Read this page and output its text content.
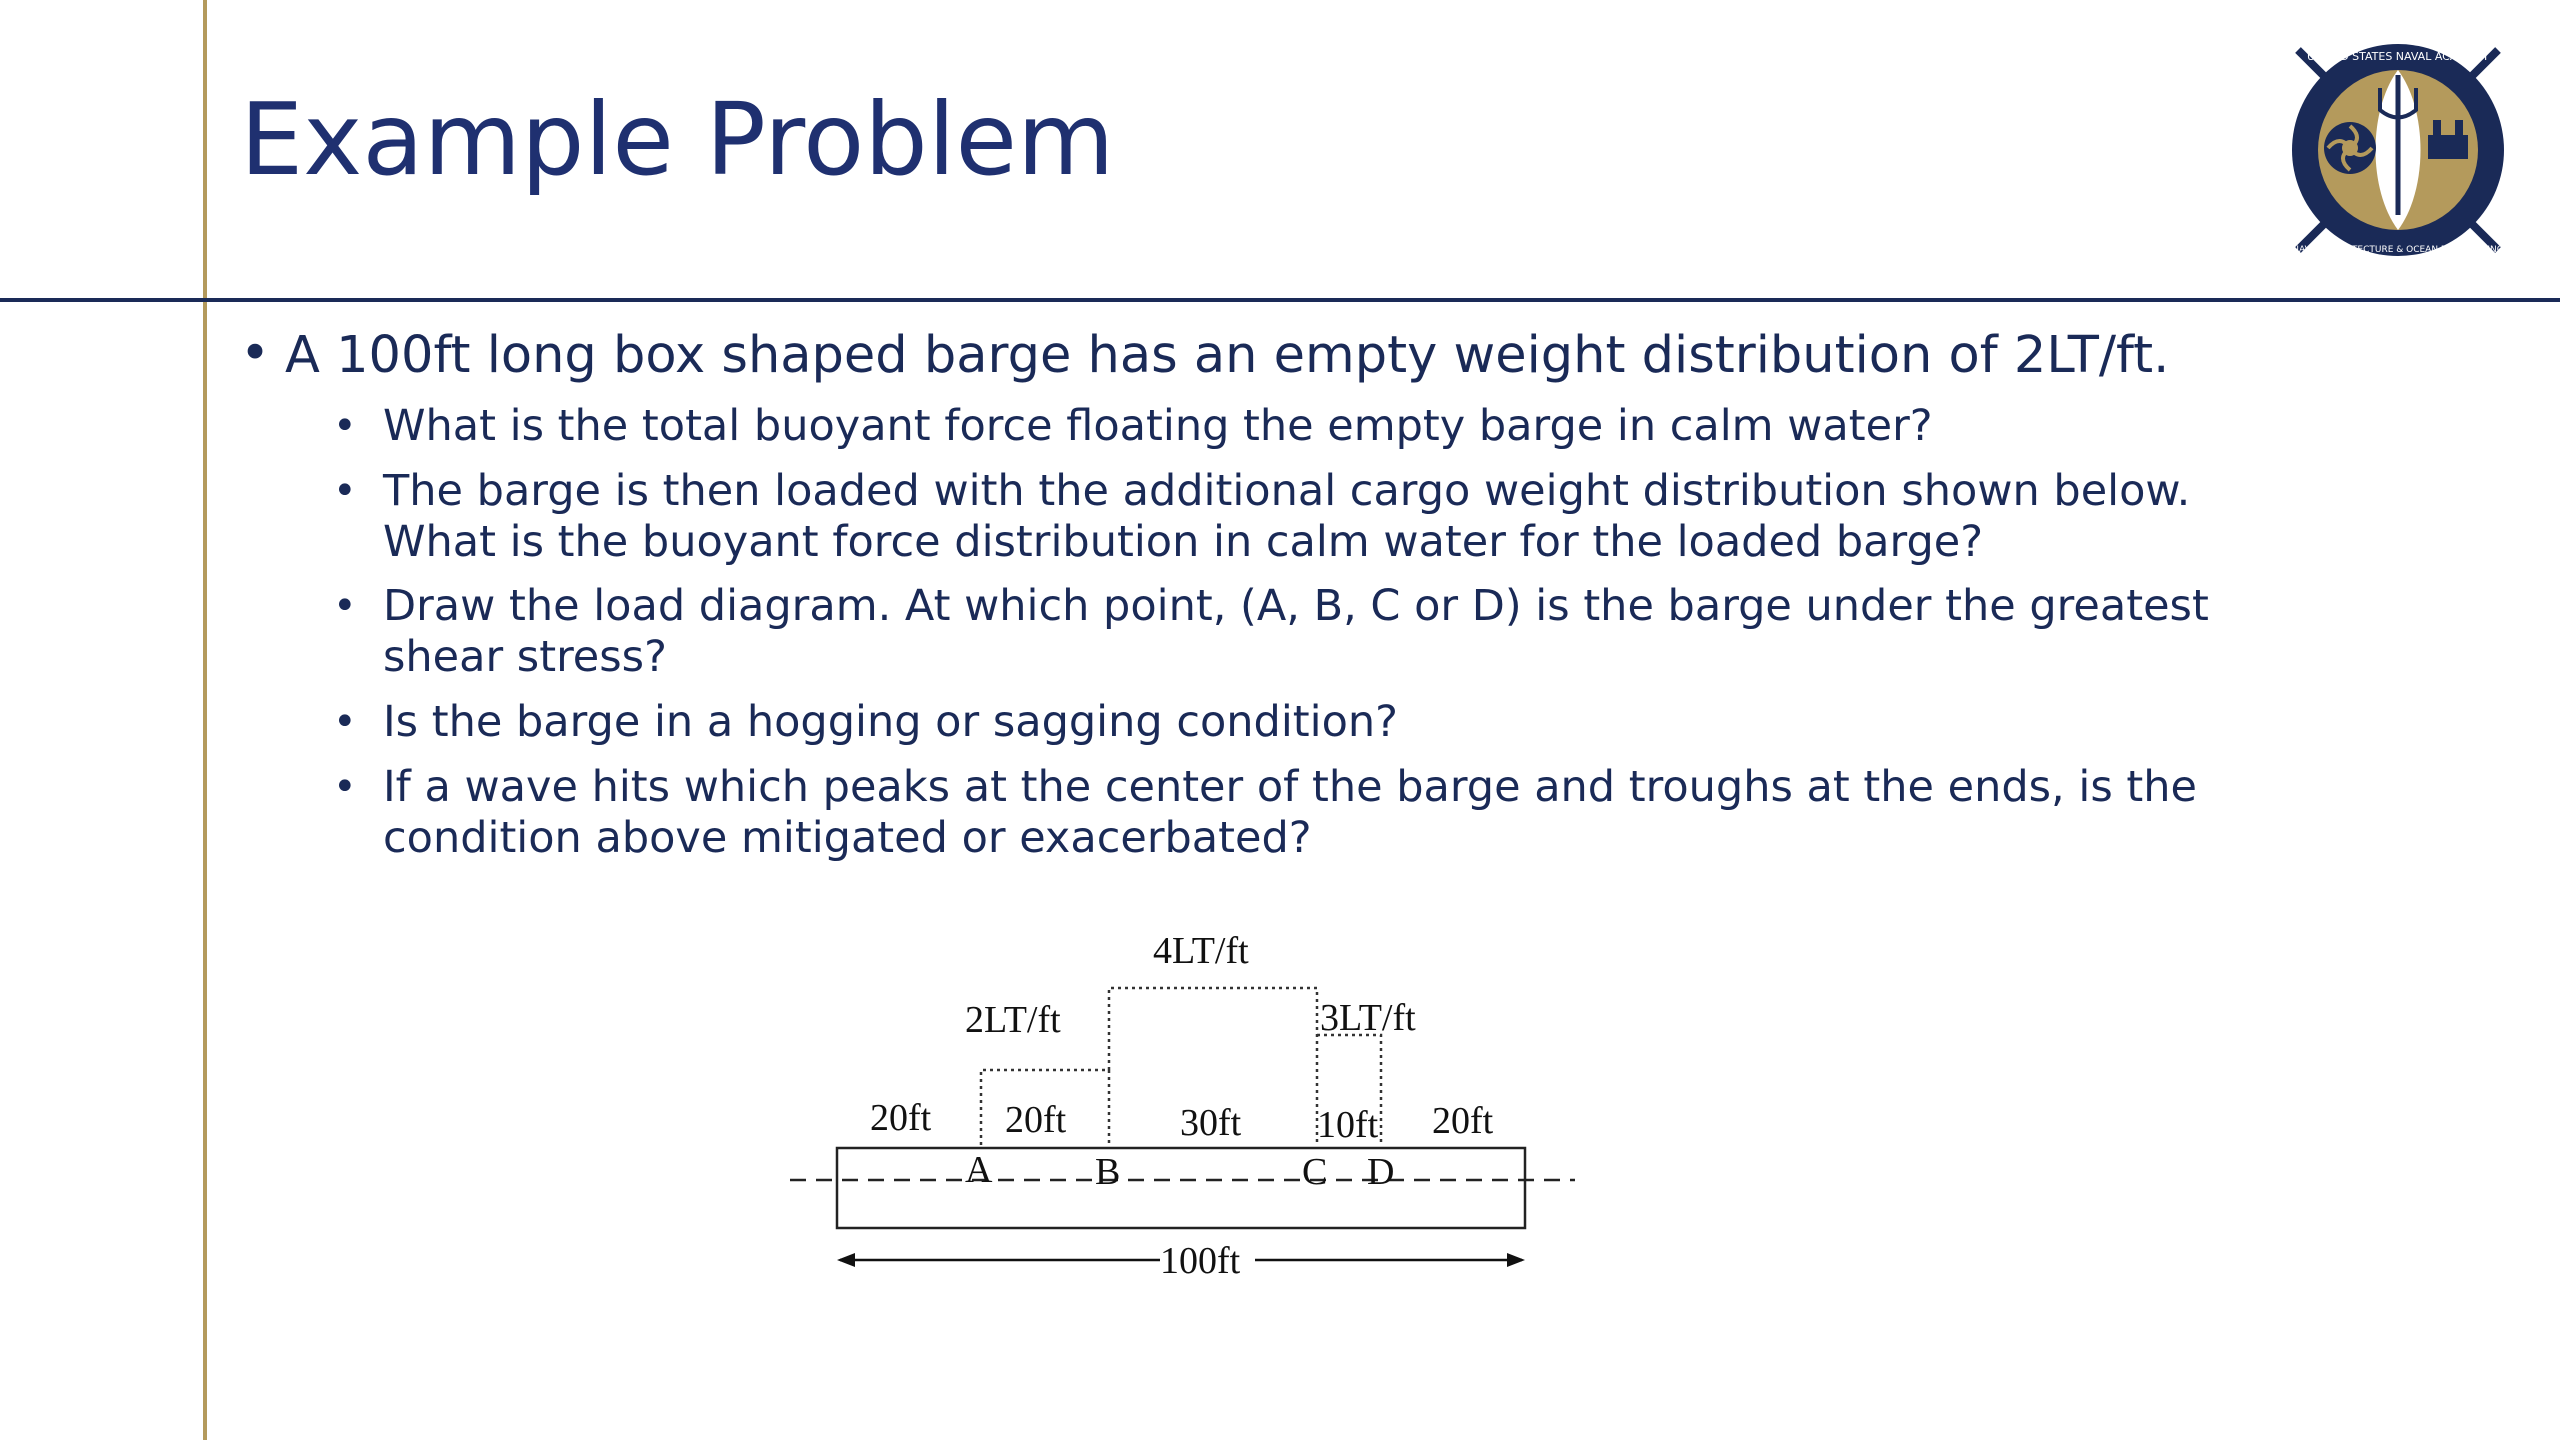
Example Problem
UNITED STATES NAVAL ACADEMY
NAVAL ARCHITECTURE & OCEAN ENGINEERING
• A 100ft long box shaped barge has an empty weight distribution of 2LT/ft.
• What is the total buoyant force floating the empty barge in calm water?
• The barge is then loaded with the additional cargo weight distribution shown below.
What is the buoyant force distribution in calm water for the loaded barge?
• Draw the load diagram. At which point, (A, B, C or D) is the barge under the greatest
shear stress?
• Is the barge in a hogging or sagging condition?
• If a wave hits which peaks at the center of the barge and troughs at the ends, is the
condition above mitigated or exacerbated?
2LT/ft
4LT/ft
3LT/ft
20ft 20ft	30ft 10ft 20ft
A	B	C D
100ft
